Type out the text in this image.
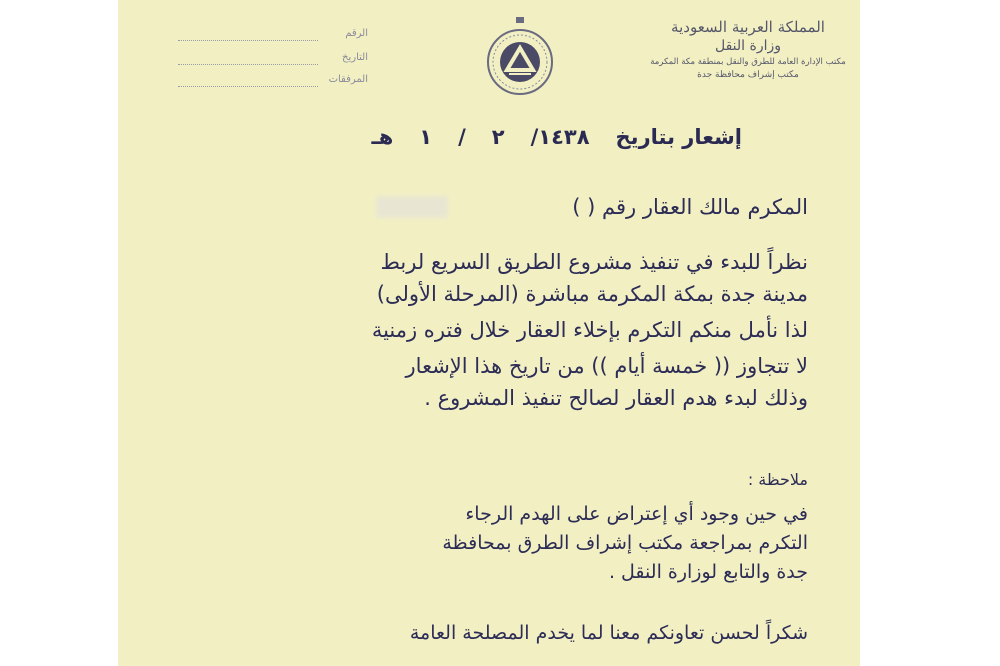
المملكة العربية السعودية
وزارة النقل
مكتب الإدارة العامة للطرق والنقل بمنطقة مكة المكرمة
مكتب إشراف محافظة جدة
الرقم
التاريخ
المرفقات
إشعار بتاريخ١ / ٢ /١٤٣٨هـ
المكرم مالك العقار رقم ( )
نظراً للبدء في تنفيذ مشروع الطريق السريع لربط
مدينة جدة بمكة المكرمة مباشرة (المرحلة الأولى)
لذا نأمل منكم التكرم بإخلاء العقار خلال فتره زمنية
لا تتجاوز (( خمسة أيام )) من تاريخ هذا الإشعار
وذلك لبدء هدم العقار لصالح تنفيذ المشروع .
ملاحظة :
في حين وجود أي إعتراض على الهدم الرجاء
التكرم بمراجعة مكتب إشراف الطرق بمحافظة
جدة والتابع لوزارة النقل .
شكراً لحسن تعاونكم معنا لما يخدم المصلحة العامة
